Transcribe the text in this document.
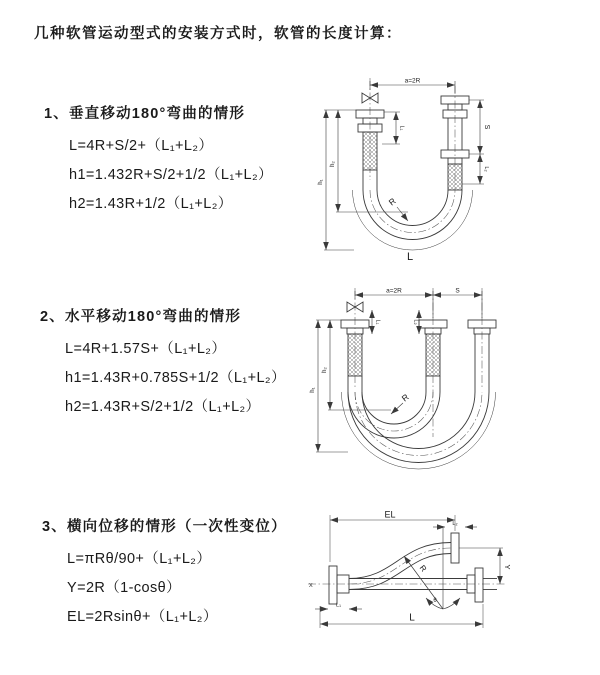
几种软管运动型式的安装方式时，软管的长度计算：
1、垂直移动180°弯曲的情形
L=4R+S/2+（L₁+L₂）
h1=1.432R+S/2+1/2（L₁+L₂）
h2=1.43R+1/2（L₁+L₂）
a=2R
L₁	S
L₂
h₂
h₁
R
L
2、水平移动180°弯曲的情形
L=4R+1.57S+（L₁+L₂）
h1=1.43R+0.785S+1/2（L₁+L₂）
h2=1.43R+S/2+1/2（L₁+L₂）
a=2R	S
L₁	L₂
h₂
h₁
R
3、横向位移的情形（一次性变位）
L=πRθ/90+（L₁+L₂）
Y=2R（1-cosθ）
EL=2Rsinθ+（L₁+L₂）
EL
L₂
Y
L
L₁
R
θ
X
